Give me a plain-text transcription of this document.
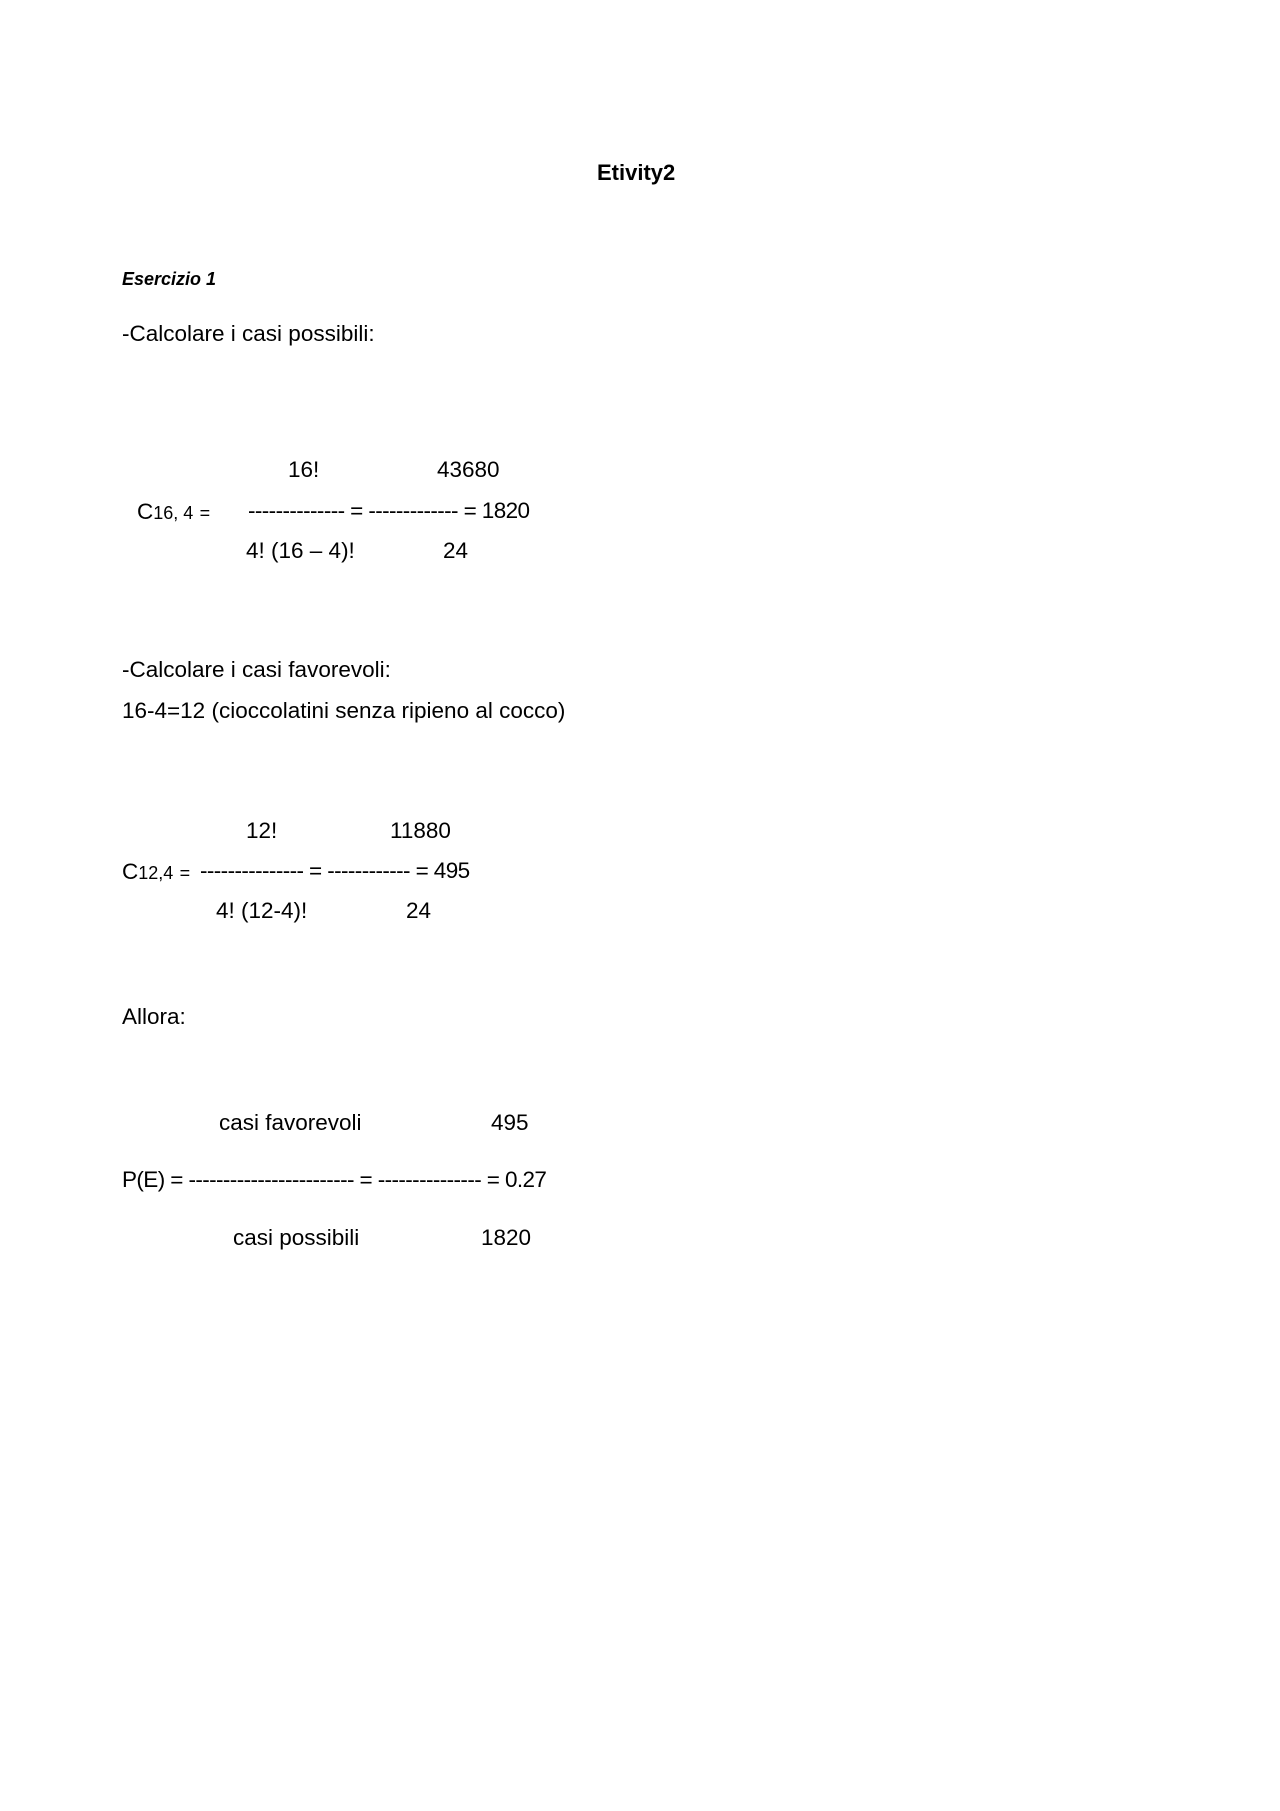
Etivity2
Esercizio 1
-Calcolare i casi possibili:
16!	43680
C16, 4 = -------------- = ------------- = 1820
4! (16 – 4)!	24
-Calcolare i casi favorevoli:
16-4=12 (cioccolatini senza ripieno al cocco)
12!	11880
C12,4 = --------------- = ------------ = 495
4! (12-4)!	24
Allora:
casi favorevoli	495
P(E) = ------------------------ = --------------- = 0.27
casi possibili	1820
